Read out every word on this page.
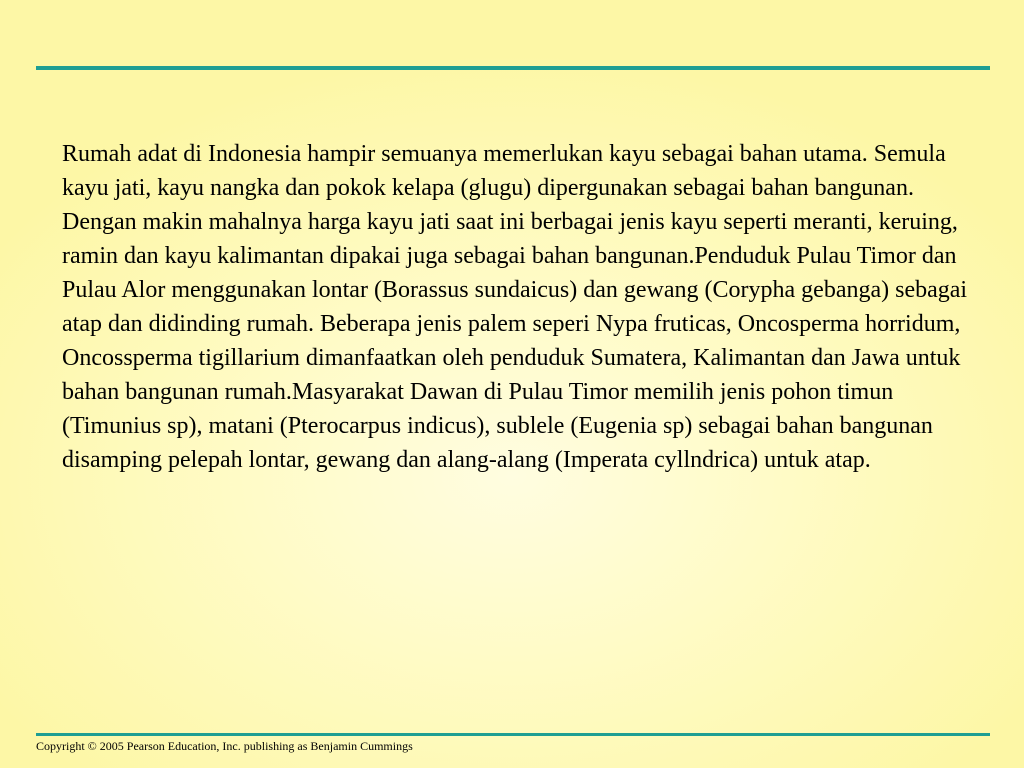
Rumah adat di Indonesia hampir semuanya memerlukan kayu sebagai bahan utama. Semula kayu jati, kayu nangka dan pokok kelapa (glugu) dipergunakan sebagai bahan bangunan. Dengan makin mahalnya harga kayu jati saat ini berbagai jenis kayu seperti meranti, keruing, ramin dan kayu kalimantan dipakai juga sebagai bahan bangunan.Penduduk Pulau Timor dan Pulau Alor menggunakan lontar (Borassus sundaicus) dan gewang (Corypha gebanga) sebagai atap dan didinding rumah. Beberapa jenis palem seperi Nypa fruticas, Oncosperma horridum, Oncossperma tigillarium dimanfaatkan oleh penduduk Sumatera, Kalimantan dan Jawa untuk bahan bangunan rumah.Masyarakat Dawan di Pulau Timor memilih jenis pohon timun (Timunius sp), matani (Pterocarpus indicus), sublele (Eugenia sp) sebagai bahan bangunan disamping pelepah lontar, gewang dan alang-alang (Imperata cyllndrica) untuk atap.

Copyright © 2005 Pearson Education, Inc. publishing as Benjamin Cummings
